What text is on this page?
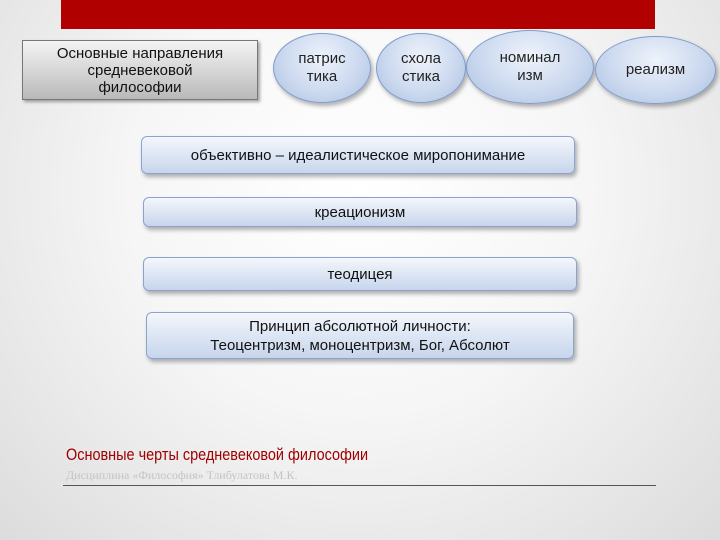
Основные направления
средневековой
философии
патрис
тика
схола
стика
номинал
изм	реализм
объективно – идеалистическое миропонимание
креационизм
теодицея
Принцип абсолютной личности:
Теоцентризм, моноцентризм, Бог, Абсолют
Основные черты средневековой философии
Дисциплина «Философия» Тлибулатова М.К.
